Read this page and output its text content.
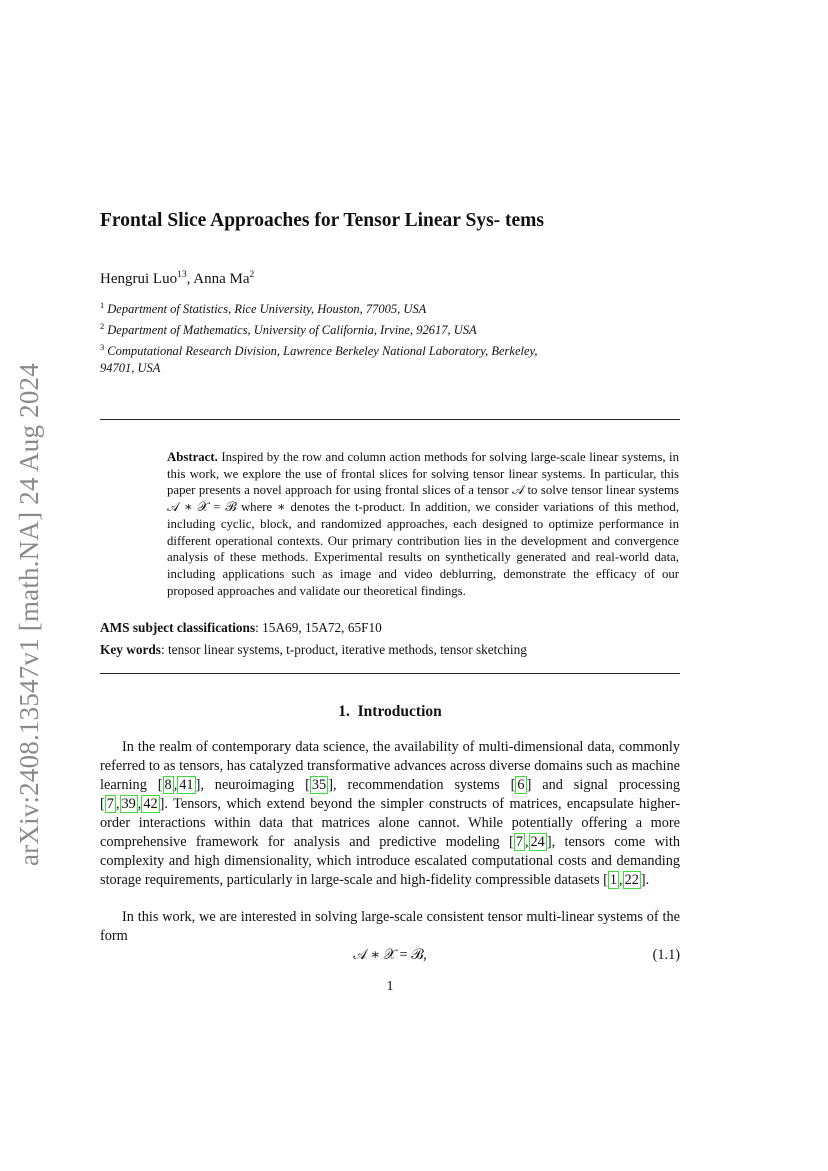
arXiv:2408.13547v1 [math.NA] 24 Aug 2024
Frontal Slice Approaches for Tensor Linear Sys- tems
Hengrui Luo$^{13}$, Anna Ma$^2$
$^1$ Department of Statistics, Rice University, Houston, 77005, USA
$^2$ Department of Mathematics, University of California, Irvine, 92617, USA
$^3$ Computational Research Division, Lawrence Berkeley National Laboratory, Berkeley, 94701, USA
Abstract. Inspired by the row and column action methods for solving large-scale linear systems, in this work, we explore the use of frontal slices for solving tensor linear systems. In particular, this paper presents a novel approach for using frontal slices of a tensor 𝒜 to solve tensor linear systems 𝒜 ∗ 𝒳 = ℬ where ∗ denotes the t-product. In addition, we consider variations of this method, including cyclic, block, and randomized approaches, each designed to optimize performance in different operational contexts. Our primary contribution lies in the development and convergence analysis of these methods. Experimental results on synthetically generated and real-world data, including applications such as image and video deblurring, demonstrate the efficacy of our proposed approaches and validate our theoretical findings.
AMS subject classifications: 15A69, 15A72, 65F10
Key words: tensor linear systems, t-product, iterative methods, tensor sketching
1. Introduction
In the realm of contemporary data science, the availability of multi-dimensional data, commonly referred to as tensors, has catalyzed transformative advances across diverse domains such as machine learning [ 8 , 41 ], neuroimaging [ 35 ], recommendation systems [ 6 ] and signal processing [ 7 , 39 , 42 ]. Tensors, which extend beyond the simpler constructs of matrices, encapsulate higher-order interactions within data that matrices alone cannot. While potentially offering a more comprehensive framework for analysis and predictive modeling [ 7 , 24 ], tensors come with complexity and high dimensionality, which introduce escalated computational costs and demanding storage requirements, particularly in large-scale and high-fidelity compressible datasets [ 1 , 22 ].
In this work, we are interested in solving large-scale consistent tensor multi-linear systems of the form
𝒜 ∗ 𝒳 = ℬ,	(1.1)
1
